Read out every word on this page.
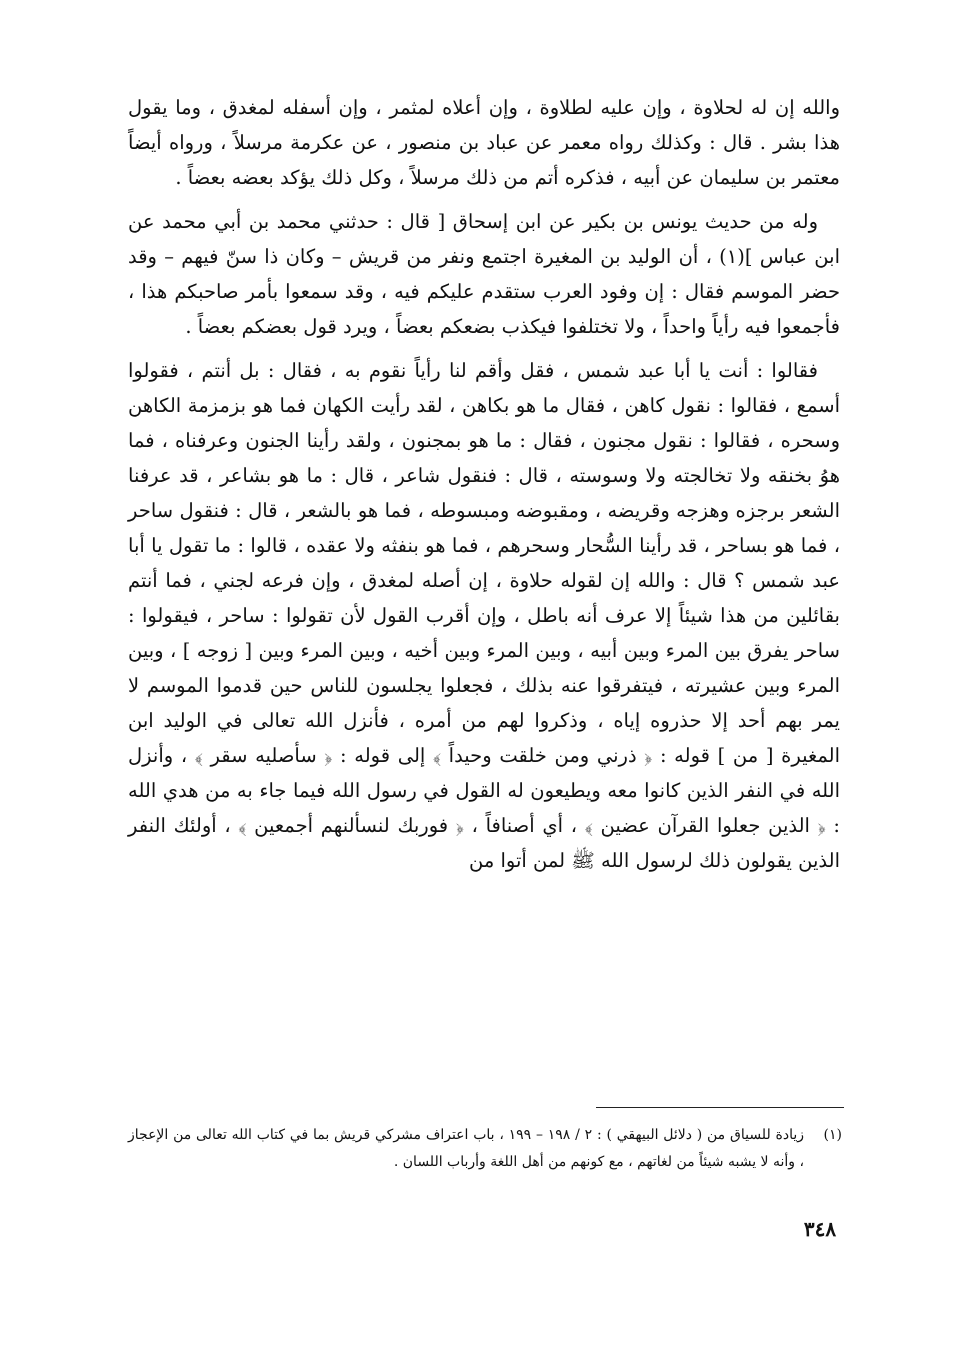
والله إن له لحلاوة ، وإن عليه لطلاوة ، وإن أعلاه لمثمر ، وإن أسفله لمغدق ، وما يقول هذا بشر . قال : وكذلك رواه معمر عن عباد بن منصور ، عن عكرمة مرسلاً ، ورواه أيضاً معتمر بن سليمان عن أبيه ، فذكره أتم من ذلك مرسلاً ، وكل ذلك يؤكد بعضه بعضاً .

وله من حديث يونس بن بكير عن ابن إسحاق [ قال : حدثني محمد بن أبي محمد عن ابن عباس ](١) ، أن الوليد بن المغيرة اجتمع ونفر من قريش – وكان ذا سنّ فيهم – وقد حضر الموسم فقال : إن وفود العرب ستقدم عليكم فيه ، وقد سمعوا بأمر صاحبكم هذا ، فأجمعوا فيه رأياً واحداً ، ولا تختلفوا فيكذب بضعكم بعضاً ، ويرد قول بعضكم بعضاً .

فقالوا : أنت يا أبا عبد شمس ، فقل وأقم لنا رأياً نقوم به ، فقال : بل أنتم ، فقولوا أسمع ، فقالوا : نقول كاهن ، فقال ما هو بكاهن ، لقد رأيت الكهان فما هو بزمزمة الكاهن وسحره ، فقالوا : نقول مجنون ، فقال : ما هو بمجنون ، ولقد رأينا الجنون وعرفناه ، فما هوُ بخنقه ولا تخالجته ولا وسوسته ، قال : فنقول شاعر ، قال : ما هو بشاعر ، قد عرفنا الشعر برجزه وهزجه وقريضه ، ومقبوضه ومبسوطه ، فما هو بالشعر ، قال : فنقول ساحر ، فما هو بساحر ، قد رأينا السُّحار وسحرهم ، فما هو بنفثه ولا عقده ، قالوا : ما تقول يا أبا عبد شمس ؟ قال : والله إن لقوله حلاوة ، إن أصله لمغدق ، وإن فرعه لجني ، فما أنتم بقائلين من هذا شيئاً إلا عرف أنه باطل ، وإن أقرب القول لأن تقولوا : ساحر ، فيقولوا : ساحر يفرق بين المرء وبين أبيه ، وبين المرء وبين أخيه ، وبين المرء وبين [ زوجه ] ، وبين المرء وبين عشيرته ، فيتفرقوا عنه بذلك ، فجعلوا يجلسون للناس حين قدموا الموسم لا يمر بهم أحد إلا حذروه إياه ، وذكروا لهم من أمره ، فأنزل الله تعالى في الوليد ابن المغيرة [ من ] قوله : ﴿ ذرني ومن خلقت وحيداً ﴾ إلى قوله : ﴿ سأصليه سقر ﴾ ، وأنزل الله في النفر الذين كانوا معه ويطيعون له القول في رسول الله فيما جاء به من هدي الله : ﴿ الذين جعلوا القرآن عضين ﴾ ، أي أصنافاً ، ﴿ فوربك لنسألنهم أجمعين ﴾ ، أولئك النفر الذين يقولون ذلك لرسول الله ﷺ لمن أتوا من

(١)
زيادة للسياق من ( دلائل البيهقي ) : ٢ / ١٩٨ – ١٩٩ ، باب اعتراف مشركي قريش بما في كتاب الله تعالى من الإعجاز ، وأنه لا يشبه شيئاً من لغاتهم ، مع كونهم من أهل اللغة وأرباب اللسان .
٣٤٨
